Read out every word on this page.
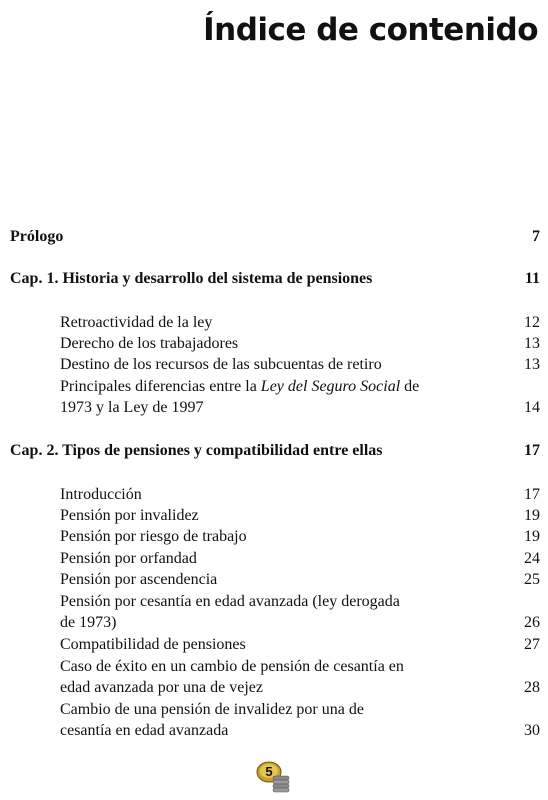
Índice de contenido
Prólogo	7
Cap. 1. Historia y desarrollo del sistema de pensiones	11
Retroactividad de la ley	12
Derecho de los trabajadores	13
Destino de los recursos de las subcuentas de retiro	13
Principales diferencias entre la Ley del Seguro Social de
1973 y la Ley de 1997	14
Cap. 2. Tipos de pensiones y compatibilidad entre ellas	17
Introducción	17
Pensión por invalidez	19
Pensión por riesgo de trabajo	19
Pensión por orfandad	24
Pensión por ascendencia	25
Pensión por cesantía en edad avanzada (ley derogada
de 1973)	26
Compatibilidad de pensiones	27
Caso de éxito en un cambio de pensión de cesantía en
edad avanzada por una de vejez	28
Cambio de una pensión de invalidez por una de
cesantía en edad avanzada	30
5
